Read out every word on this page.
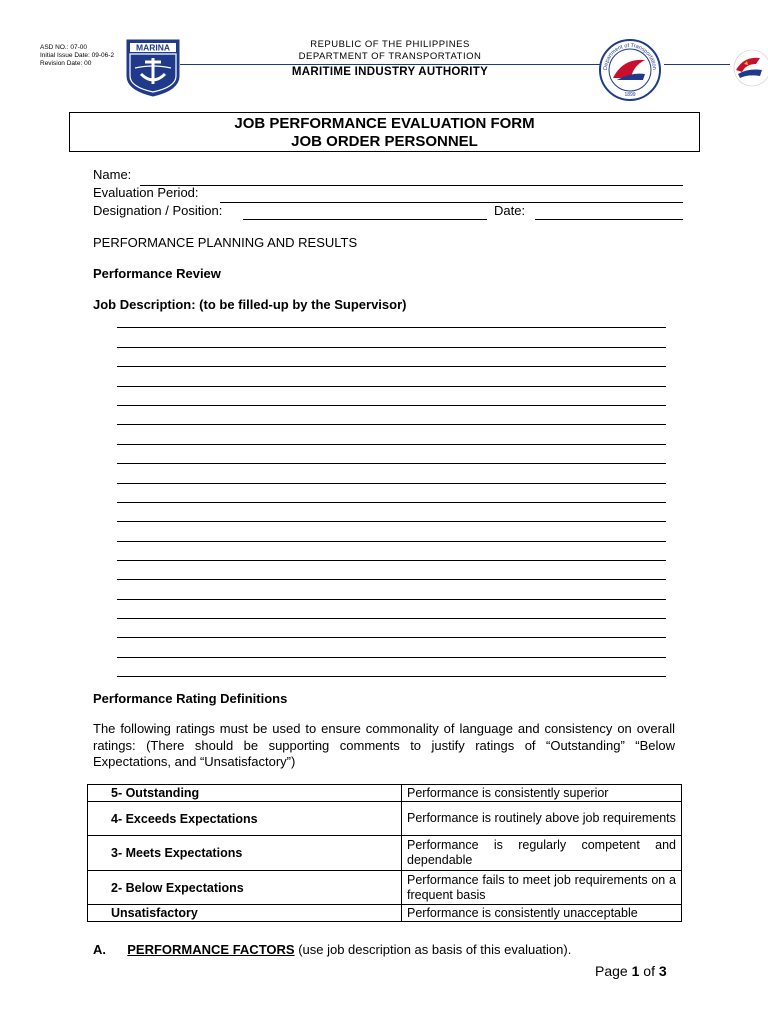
ASD NO.: 07-00
Initial Issue Date: 09-06-2
Revision Date: 00
MARINA	REPUBLIC OF THE PHILIPPINES
DEPARTMENT OF TRANSPORTATION
MARITIME INDUSTRY AUTHORITY	Department of Transportation
1899
JOB PERFORMANCE EVALUATION FORM
JOB ORDER PERSONNEL
Name:
Evaluation Period:
Designation / Position:	Date:
PERFORMANCE PLANNING AND RESULTS
Performance Review
Job Description: (to be filled-up by the Supervisor)
Performance Rating Definitions
The following ratings must be used to ensure commonality of language and consistency on overall ratings: (There should be supporting comments to justify ratings of “Outstanding” “Below Expectations, and “Unsatisfactory”)
5- Outstanding	Performance is consistently superior
4- Exceeds Expectations	Performance is routinely above job requirements
3- Meets Expectations	Performance is regularly competent and dependable
2- Below Expectations	Performance fails to meet job requirements on a frequent basis
Unsatisfactory	Performance is consistently unacceptable
A. PERFORMANCE FACTORS (use job description as basis of this evaluation).
Page 1 of 3
